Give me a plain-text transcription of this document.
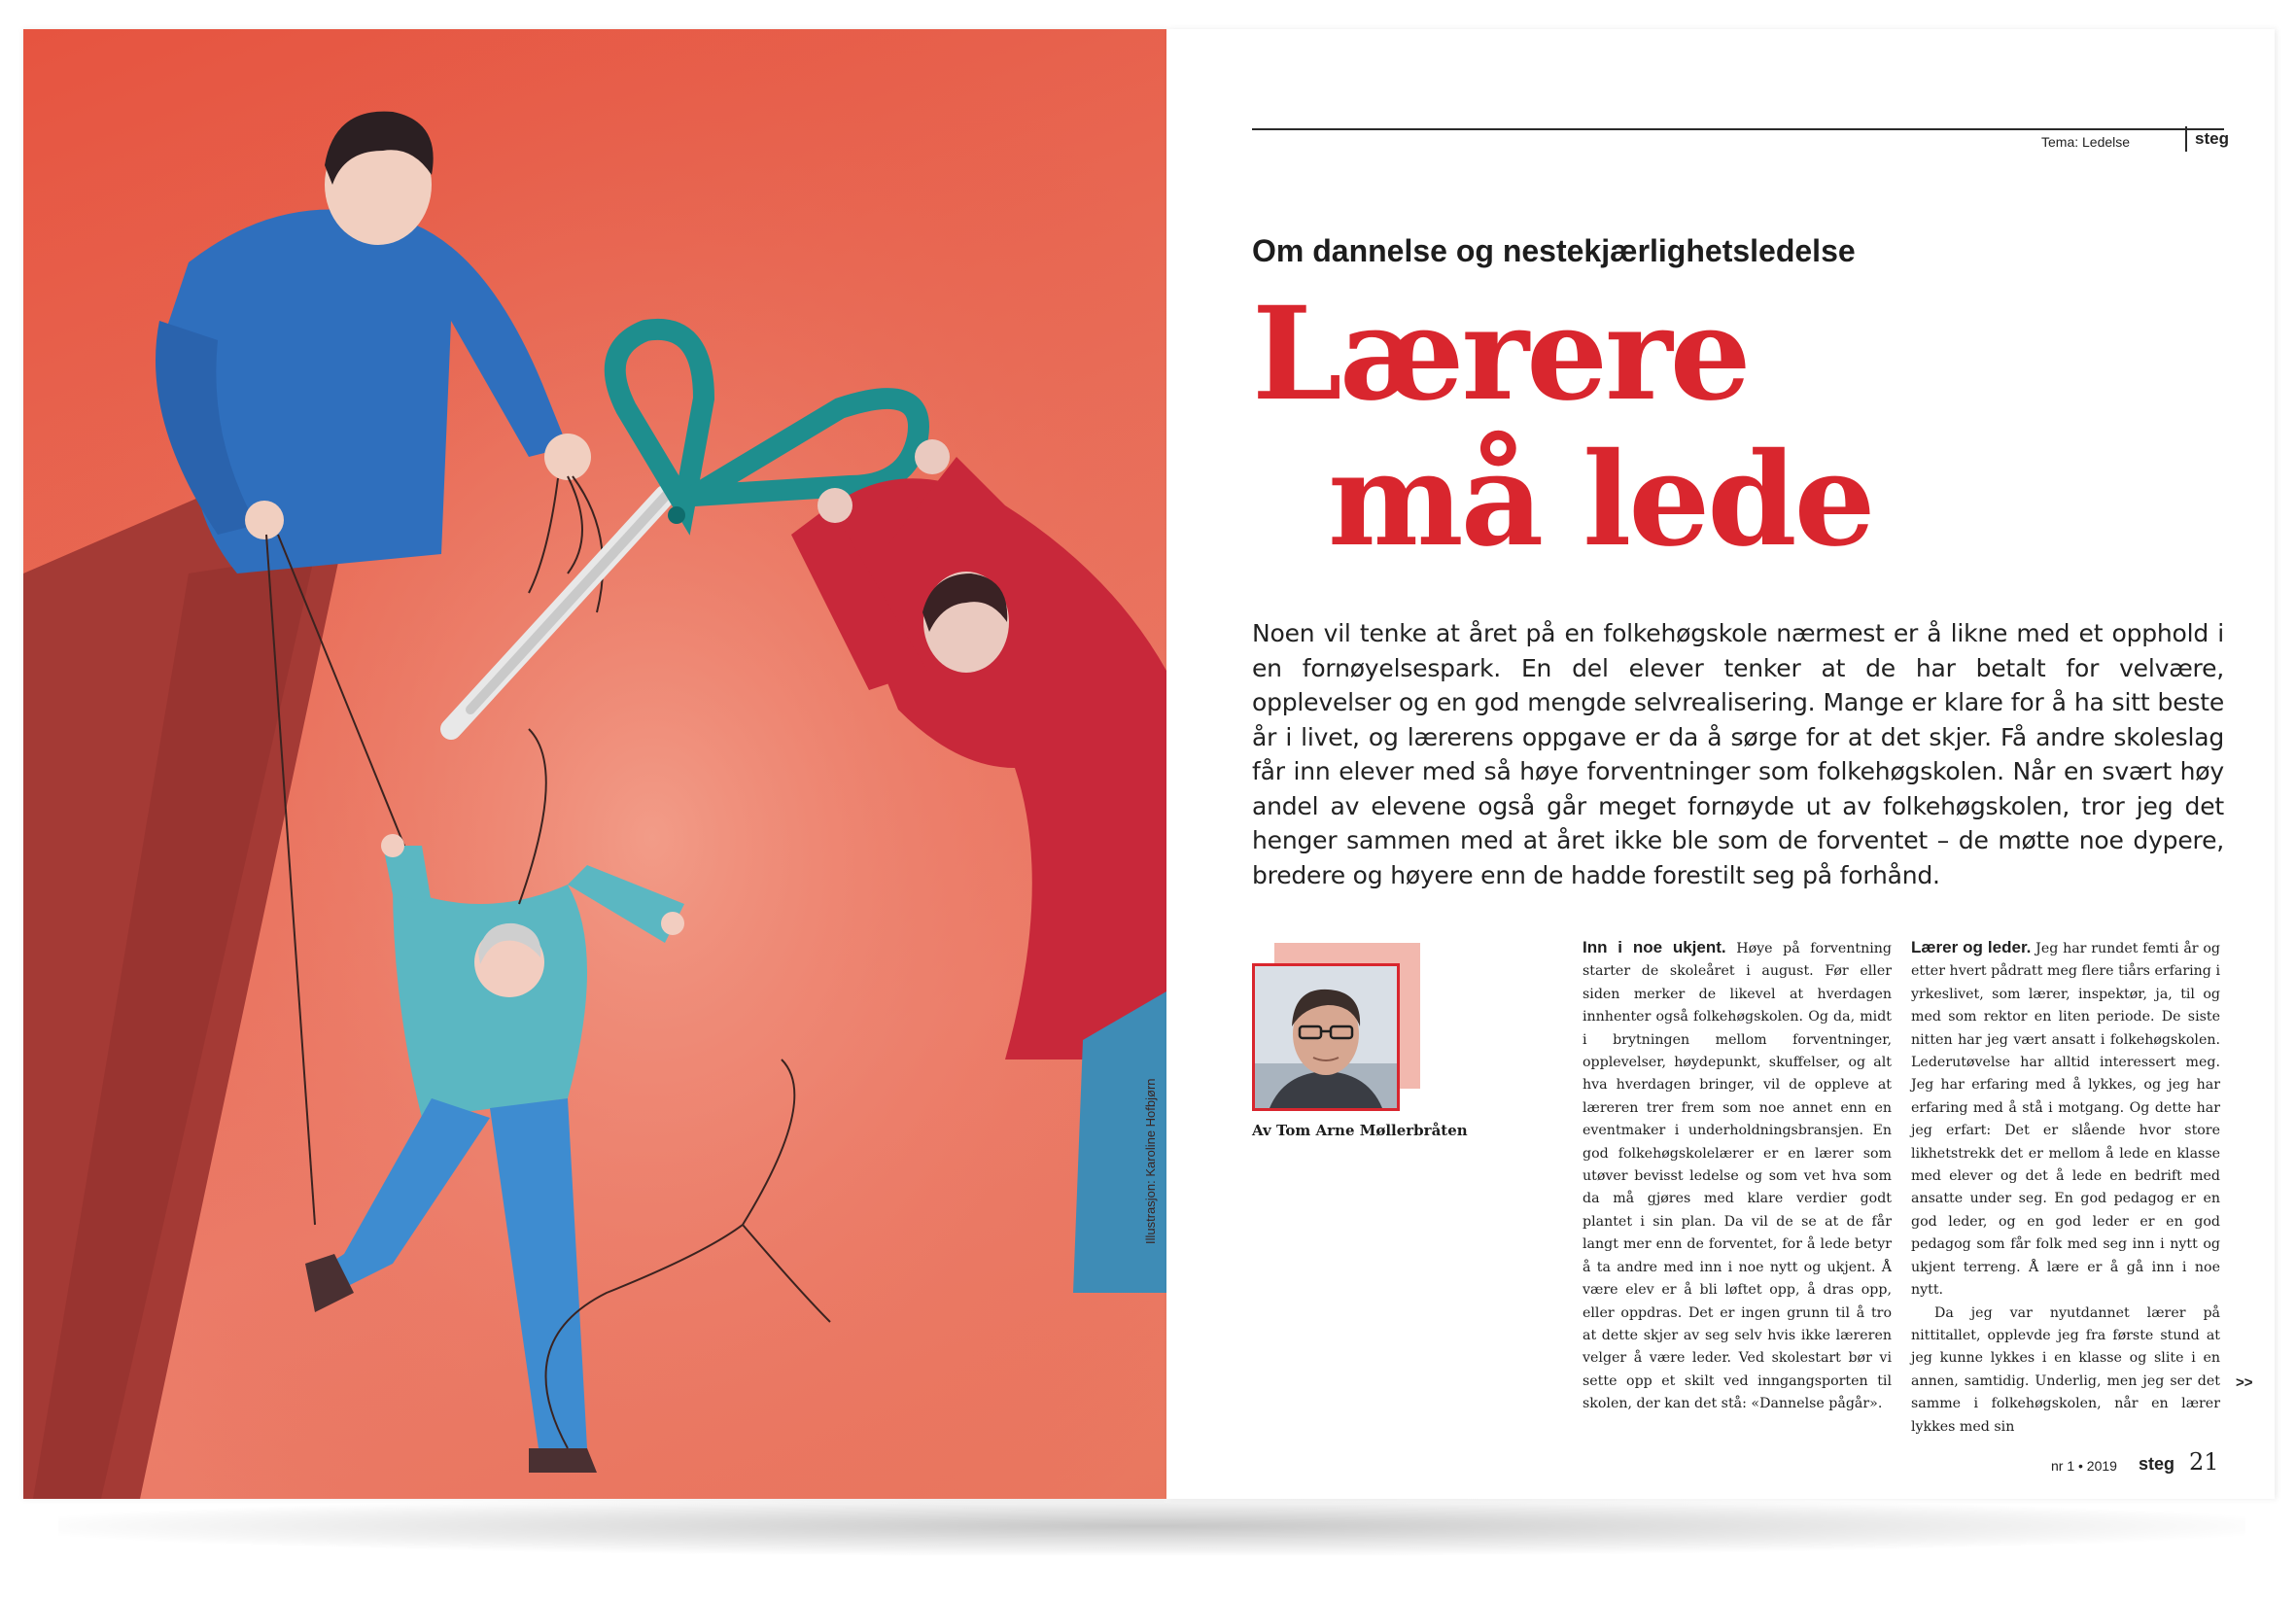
Illustrasjon: Karoline Hofbjørn
Tema: Ledelse	steg
Om dannelse og nestekjærlighetsledelse
Lærere
må lede
Noen vil tenke at året på en folkehøgskole nærmest er å likne med et opphold i en fornøyelsespark. En del elever tenker at de har betalt for velvære, opplevelser og en god mengde selvrealisering. Mange er klare for å ha sitt beste år i livet, og lærerens oppgave er da å sørge for at det skjer. Få andre skoleslag får inn elever med så høye forventninger som folkehøgskolen. Når en svært høy andel av elevene også går meget fornøyde ut av folkehøgskolen, tror jeg det henger sammen med at året ikke ble som de forventet – de møtte noe dypere, bredere og høyere enn de hadde forestilt seg på forhånd.
Av Tom Arne Møllerbråten

Inn i noe ukjent. Høye på forventning starter de skoleåret i august. Før eller siden merker de likevel at hverdagen innhenter også folkehøgskolen. Og da, midt i brytningen mellom forventninger, opplevelser, høydepunkt, skuffelser, og alt hva hverdagen bringer, vil de oppleve at læreren trer frem som noe annet enn en eventmaker i underholdningsbransjen. En god folkehøgskolelærer er en lærer som utøver bevisst ledelse og som vet hva som da må gjøres med klare verdier godt plantet i sin plan. Da vil de se at de får langt mer enn de forventet, for å lede betyr å ta andre med inn i noe nytt og ukjent. Å være elev er å bli løftet opp, å dras opp, eller oppdras. Det er ingen grunn til å tro at dette skjer av seg selv hvis ikke læreren velger å være leder. Ved skolestart bør vi sette opp et skilt ved inngangsporten til skolen, der kan det stå: «Dannelse pågår».

Lærer og leder. Jeg har rundet femti år og etter hvert pådratt meg flere tiårs erfaring i yrkeslivet, som lærer, inspektør, ja, til og med som rektor en liten periode. De siste nitten har jeg vært ansatt i folkehøgskolen. Lederutøvelse har alltid interessert meg. Jeg har erfaring med å lykkes, og jeg har erfaring med å stå i motgang. Og dette har jeg erfart: Det er slående hvor store likhetstrekk det er mellom å lede en klasse med elever og det å lede en bedrift med ansatte under seg. En god pedagog er en god leder, og en god leder er en god pedagog som får folk med seg inn i nytt og ukjent terreng. Å lære er å gå inn i noe nytt.

Da jeg var nyutdannet lærer på nittitallet, opplevde jeg fra første stund at jeg kunne lykkes i en klasse og slite i en annen, samtidig. Underlig, men jeg ser det samme i folkehøgskolen, når en lærer lykkes med sin

>>
nr 1 • 2019 steg 21
